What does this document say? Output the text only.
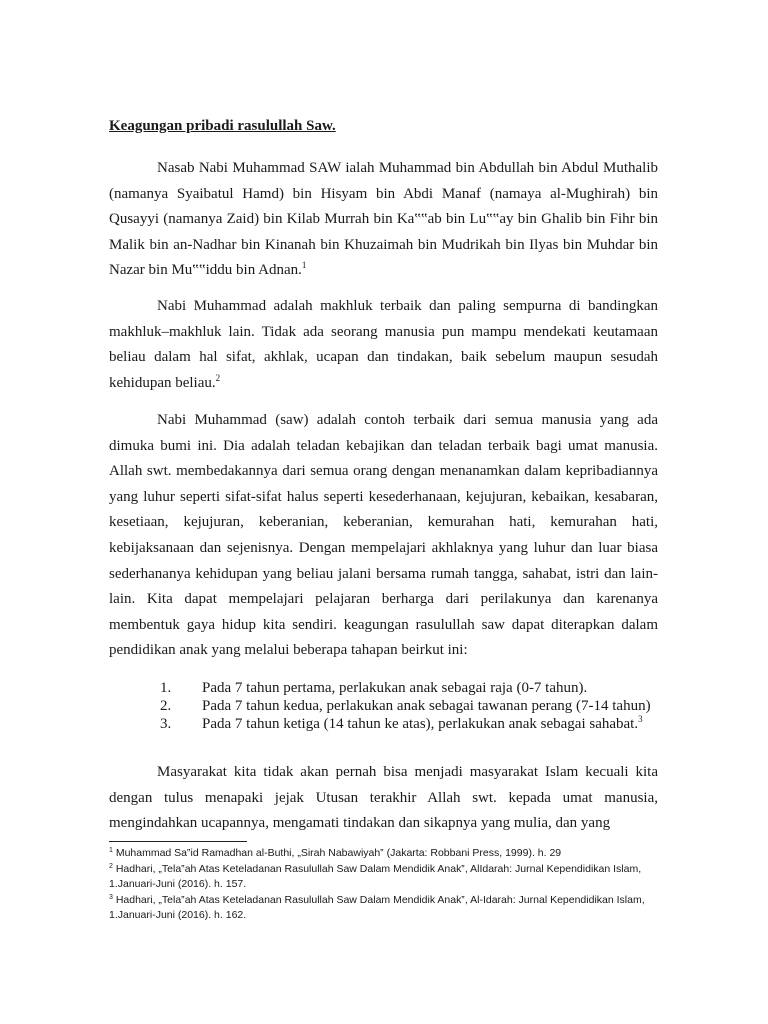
Keagungan pribadi rasulullah Saw.

Nasab Nabi Muhammad SAW ialah Muhammad bin Abdullah bin Abdul Muthalib (namanya Syaibatul Hamd) bin Hisyam bin Abdi Manaf (namaya al-Mughirah) bin Qusayyi (namanya Zaid) bin Kilab Murrah bin Ka‟‟ab bin Lu‟‟ay bin Ghalib bin Fihr bin Malik bin an-Nadhar bin Kinanah bin Khuzaimah bin Mudrikah bin Ilyas bin Muhdar bin Nazar bin Mu‟‟iddu bin Adnan.$^1$

Nabi Muhammad adalah makhluk terbaik dan paling sempurna di bandingkan makhluk–makhluk lain. Tidak ada seorang manusia pun mampu mendekati keutamaan beliau dalam hal sifat, akhlak, ucapan dan tindakan, baik sebelum maupun sesudah kehidupan beliau.$^2$

Nabi Muhammad (saw) adalah contoh terbaik dari semua manusia yang ada dimuka bumi ini. Dia adalah teladan kebajikan dan teladan terbaik bagi umat manusia. Allah swt. membedakannya dari semua orang dengan menanamkan dalam kepribadiannya yang luhur seperti sifat-sifat halus seperti kesederhanaan, kejujuran, kebaikan, kesabaran, kesetiaan, kejujuran, keberanian, keberanian, kemurahan hati, kemurahan hati, kebijaksanaan dan sejenisnya. Dengan mempelajari akhlaknya yang luhur dan luar biasa sederhananya kehidupan yang beliau jalani bersama rumah tangga, sahabat, istri dan lain-lain. Kita dapat mempelajari pelajaran berharga dari perilakunya dan karenanya membentuk gaya hidup kita sendiri. keagungan rasulullah saw dapat diterapkan dalam pendidikan anak yang melalui beberapa tahapan beirkut ini:

1.	Pada 7 tahun pertama, perlakukan anak sebagai raja (0-7 tahun).
2.	Pada 7 tahun kedua, perlakukan anak sebagai tawanan perang (7-14 tahun)
3.	Pada 7 tahun ketiga (14 tahun ke atas), perlakukan anak sebagai sahabat.$^3$

Masyarakat kita tidak akan pernah bisa menjadi masyarakat Islam kecuali kita dengan tulus menapaki jejak Utusan terakhir Allah swt. kepada umat manusia, mengindahkan ucapannya, mengamati tindakan dan sikapnya yang mulia, dan yang

$^1$ Muhammad Sa‟id Ramadhan al-Buthi, „Sirah Nabawiyah‟ (Jakarta: Robbani Press, 1999). h. 29

$^2$ Hadhari, „Tela‟ah Atas Keteladanan Rasulullah Saw Dalam Mendidik Anak‟, AlIdarah: Jurnal Kependidikan Islam, 1.Januari-Juni (2016). h. 157.

$^3$ Hadhari, „Tela‟ah Atas Keteladanan Rasulullah Saw Dalam Mendidik Anak‟, Al-Idarah: Jurnal Kependidikan Islam, 1.Januari-Juni (2016). h. 162.
